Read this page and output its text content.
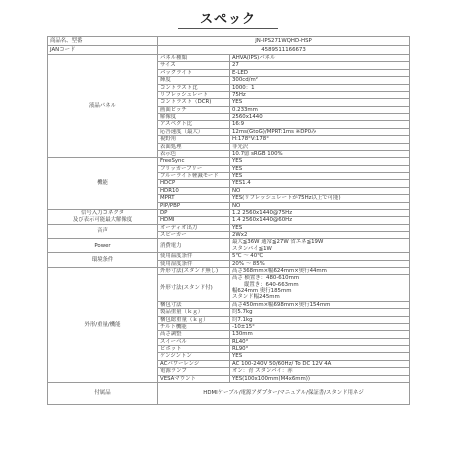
スペック
商品名、型番	JN-IPS271WQHD-HSP	
JANコード	4589511166673	
液晶パネル	パネル種類	AHVA(IPS)パネル
	サイズ	27
	バックライト	E-LED
	輝度	300cd/m²
	コントラスト比	1000：1
	リフレッシュレート	75Hz
	コントラスト（DCR)	YES
	画面ピッチ	0.233mm
	解像度	2560x1440
	アスペクト比	16:9
	応答速度（最大）	12ms(GtoG)/MPRT:1ms ※DP0み
	視野角	H:178°V:178°
	表面処理	非光沢
	表示色	10.7億 sRGB 100%
機能	FreeSync	YES
	フリッカーフリー	YES
	ブルーライト軽減モード	YES
	HDCP	YES1.4
	HDR10	NO
	MPRT	YES(リフレッシュレートが75Hz以上で可能)
	PIP/PBP	NO

信号入力コネクタ
及び表示可能最大解像度	DP	1.2 2560x1440@75Hz
	HDMI	1.4 2560x1440@60Hz
音声	オーディオ出力	YES
	スピーカー	2Wx2
Power	消費電力	最大≦36W 通常≦27W 省エネ≦19W
スタンバイ≦1W

環境条件	使用温度条件	5℃ ～ 40℃
	使用湿度条件	20% ～ 85%
外形/重量/機能	外形寸法(スタンド無し)	高さ368mm×幅624mm×奥行44mm
	外形寸法(スタンド付)	高さ 横置き：480-610mm
縦置き：640-663mm
幅624mm 奥行185mm
スタンド幅245mm

	梱包寸法	高さ450mm×幅698mm×奥行154mm
	製品重量（ｋｇ）	約5.7kg
	梱包総重量（ｋｇ）	約7.1kg
	チルト機能	-10±15°
	高さ調整	130mm
	スイーベル	RL40°
	ピボット	RL90°
	ケンジントン	YES
	ACパワーレンジ	AC 100-240V 50/60Hz/ To DC 12V 4A
	電源ランプ	オン：青 スタンバイ：赤
	VESAマウント	YES(100x100mm(M4x6mm))
付属品	HDMIケーブル/電源アダプター/マニュアル/保証書/スタンド用ネジ	
